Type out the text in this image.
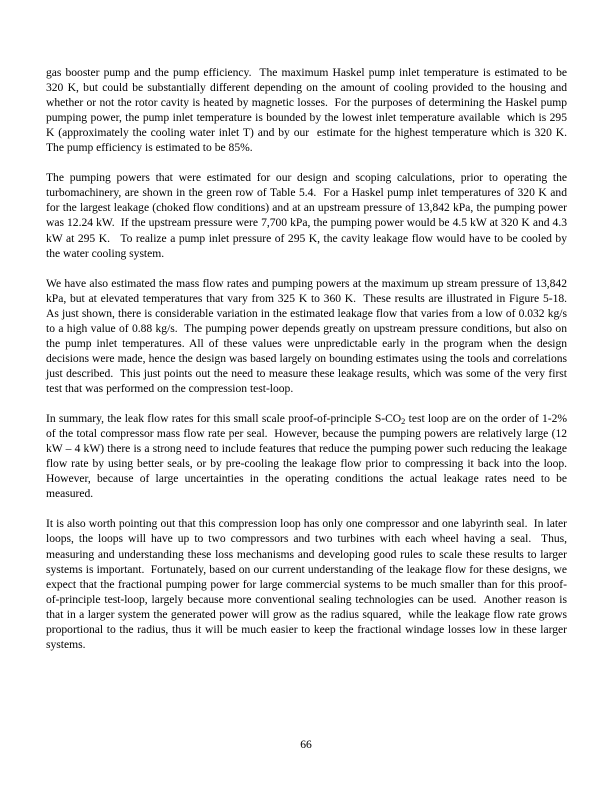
gas booster pump and the pump efficiency.  The maximum Haskel pump inlet temperature is estimated to be 320 K, but could be substantially different depending on the amount of cooling provided to the housing and whether or not the rotor cavity is heated by magnetic losses.  For the purposes of determining the Haskel pump pumping power, the pump inlet temperature is bounded by the lowest inlet temperature available  which is 295 K (approximately the cooling water inlet T) and by our  estimate for the highest temperature which is 320 K.   The pump efficiency is estimated to be 85%.

The pumping powers that were estimated for our design and scoping calculations, prior to operating the turbomachinery, are shown in the green row of Table 5.4.  For a Haskel pump inlet temperatures of 320 K and for the largest leakage (choked flow conditions) and at an upstream pressure of 13,842 kPa, the pumping power was 12.24 kW.  If the upstream pressure were 7,700 kPa, the pumping power would be 4.5 kW at 320 K and 4.3 kW at 295 K.   To realize a pump inlet pressure of 295 K, the cavity leakage flow would have to be cooled by the water cooling system.

We have also estimated the mass flow rates and pumping powers at the maximum up stream pressure of 13,842 kPa, but at elevated temperatures that vary from 325 K to 360 K.  These results are illustrated in Figure 5-18.  As just shown, there is considerable variation in the estimated leakage flow that varies from a low of 0.032 kg/s to a high value of 0.88 kg/s.  The pumping power depends greatly on upstream pressure conditions, but also on the pump inlet temperatures. All of these values were unpredictable early in the program when the design decisions were made, hence the design was based largely on bounding estimates using the tools and correlations just described.  This just points out the need to measure these leakage results, which was some of the very first test that was performed on the compression test-loop.

In summary, the leak flow rates for this small scale proof-of-principle $S-CO_2$ test loop are on the order of 1-2% of the total compressor mass flow rate per seal.  However, because the pumping powers are relatively large (12 kW – 4 kW) there is a strong need to include features that reduce the pumping power such reducing the leakage flow rate by using better seals, or by pre-cooling the leakage flow prior to compressing it back into the loop.  However, because of large uncertainties in the operating conditions the actual leakage rates need to be measured.

It is also worth pointing out that this compression loop has only one compressor and one labyrinth seal.  In later loops, the loops will have up to two compressors and two turbines with each wheel having a seal.  Thus, measuring and understanding these loss mechanisms and developing good rules to scale these results to larger systems is important.  Fortunately, based on our current understanding of the leakage flow for these designs, we expect that the fractional pumping power for large commercial systems to be much smaller than for this proof-of-principle test-loop, largely because more conventional sealing technologies can be used.  Another reason is that in a larger system the generated power will grow as the radius squared,  while the leakage flow rate grows proportional to the radius, thus it will be much easier to keep the fractional windage losses low in these larger systems.

66
